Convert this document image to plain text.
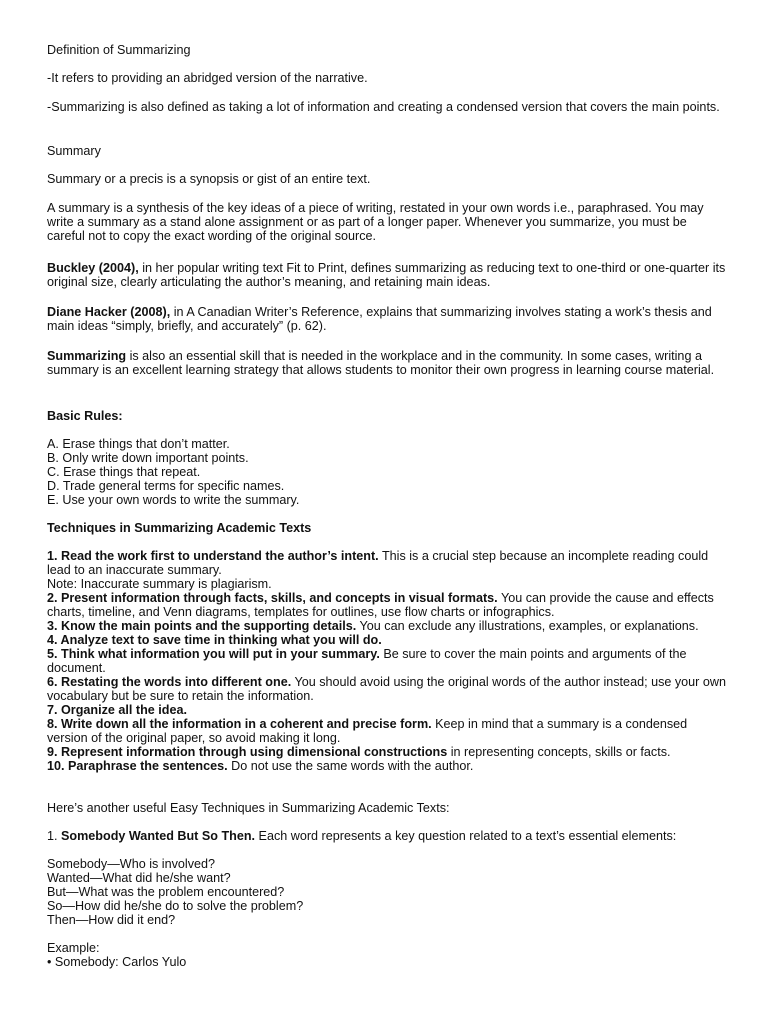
Definition of Summarizing

-It refers to providing an abridged version of the narrative.

-Summarizing is also defined as taking a lot of information and creating a condensed version that covers the main points.

Summary

Summary or a precis is a synopsis or gist of an entire text.

A summary is a synthesis of the key ideas of a piece of writing, restated in your own words i.e., paraphrased. You may write a summary as a stand alone assignment or as part of a longer paper. Whenever you summarize, you must be careful not to copy the exact wording of the original source.

Buckley (2004), in her popular writing text Fit to Print, defines summarizing as reducing text to one-third or one-quarter its original size, clearly articulating the author’s meaning, and retaining main ideas.

Diane Hacker (2008), in A Canadian Writer’s Reference, explains that summarizing involves stating a work’s thesis and main ideas “simply, briefly, and accurately” (p. 62).

Summarizing is also an essential skill that is needed in the workplace and in the community. In some cases, writing a summary is an excellent learning strategy that allows students to monitor their own progress in learning course material.

Basic Rules:

A. Erase things that don’t matter.
B. Only write down important points.
C. Erase things that repeat.
D. Trade general terms for specific names.
E. Use your own words to write the summary.

Techniques in Summarizing Academic Texts

1. Read the work first to understand the author’s intent. This is a crucial step because an incomplete reading could lead to an inaccurate summary.
Note: Inaccurate summary is plagiarism.
2. Present information through facts, skills, and concepts in visual formats. You can provide the cause and effects charts, timeline, and Venn diagrams, templates for outlines, use flow charts or infographics.
3. Know the main points and the supporting details. You can exclude any illustrations, examples, or explanations.
4. Analyze text to save time in thinking what you will do.
5. Think what information you will put in your summary. Be sure to cover the main points and arguments of the document.
6. Restating the words into different one. You should avoid using the original words of the author instead; use your own vocabulary but be sure to retain the information.
7. Organize all the idea.
8. Write down all the information in a coherent and precise form. Keep in mind that a summary is a condensed version of the original paper, so avoid making it long.
9. Represent information through using dimensional constructions in representing concepts, skills or facts.
10. Paraphrase the sentences. Do not use the same words with the author.

Here’s another useful Easy Techniques in Summarizing Academic Texts:

1. Somebody Wanted But So Then. Each word represents a key question related to a text’s essential elements:

Somebody—Who is involved?
Wanted—What did he/she want?
But—What was the problem encountered?
So—How did he/she do to solve the problem?
Then—How did it end?
Example:
• Somebody: Carlos Yulo
